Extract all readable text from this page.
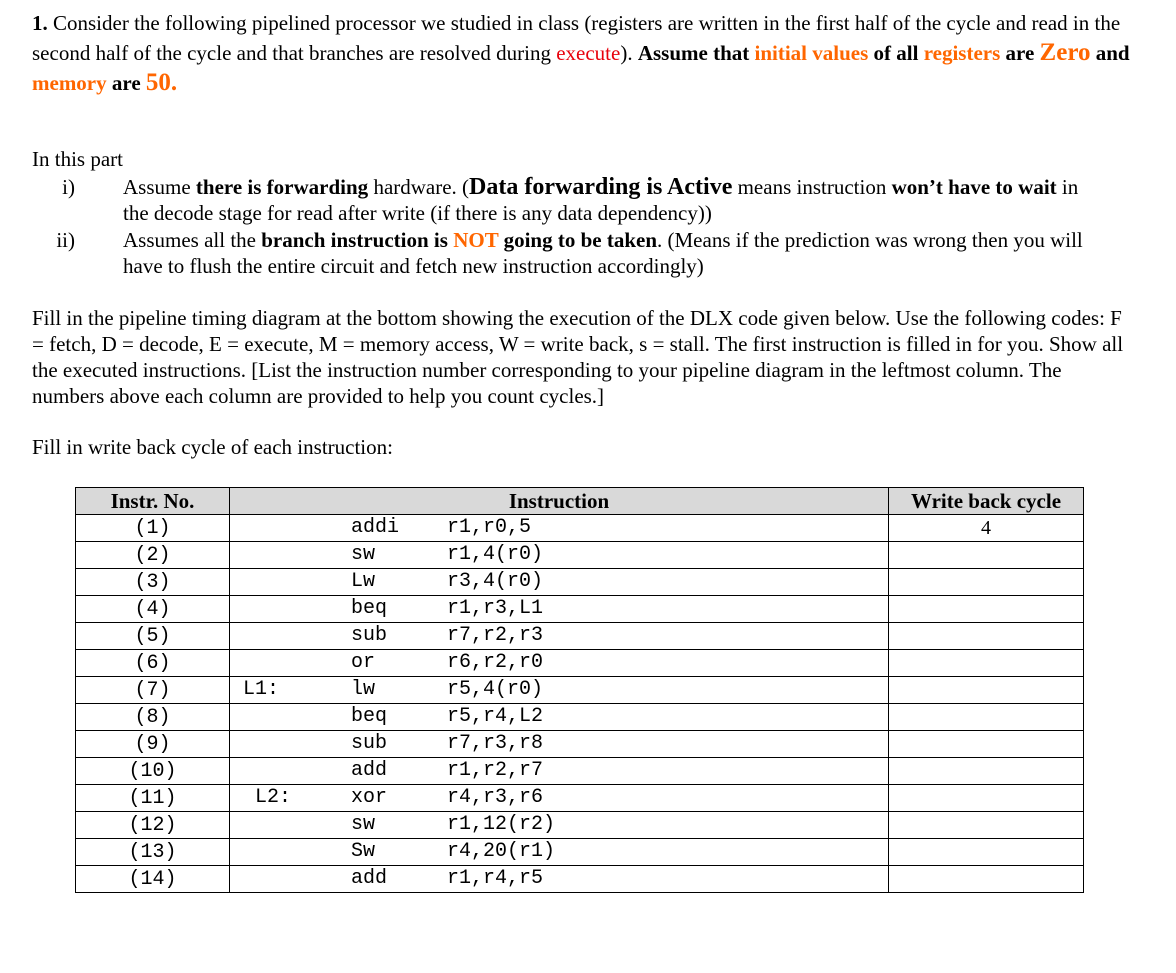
1. Consider the following pipelined processor we studied in class (registers are written in the first half of the cycle and read in the second half of the cycle and that branches are resolved during execute). Assume that initial values of all registers are Zero and memory are 50.
In this part
i) Assume there is forwarding hardware. (Data forwarding is Active means instruction won’t have to wait in the decode stage for read after write (if there is any data dependency))
ii) Assumes all the branch instruction is NOT going to be taken. (Means if the prediction was wrong then you will have to flush the entire circuit and fetch new instruction accordingly)
Fill in the pipeline timing diagram at the bottom showing the execution of the DLX code given below. Use the following codes: F = fetch, D = decode, E = execute, M = memory access, W = write back, s = stall. The first instruction is filled in for you. Show all the executed instructions. [List the instruction number corresponding to your pipeline diagram in the leftmost column. The numbers above each column are provided to help you count cycles.]
Fill in write back cycle of each instruction:
Instr. No.	Instruction	Write back cycle
(1)	addi r1,r0,5	4
(2)	sw r1,4(r0)	

(3)	Lw r3,4(r0)	

(4)	beq r1,r3,L1	

(5)	sub r7,r2,r3	

(6)	or r6,r2,r0	

(7)	L1: lw r5,4(r0)	

(8)	beq r5,r4,L2	

(9)	sub r7,r3,r8	

(10)	add r1,r2,r7	

(11)	L2: xor r4,r3,r6	

(12)	sw r1,12(r2)	

(13)	Sw r4,20(r1)	

(14)	add r1,r4,r5	
